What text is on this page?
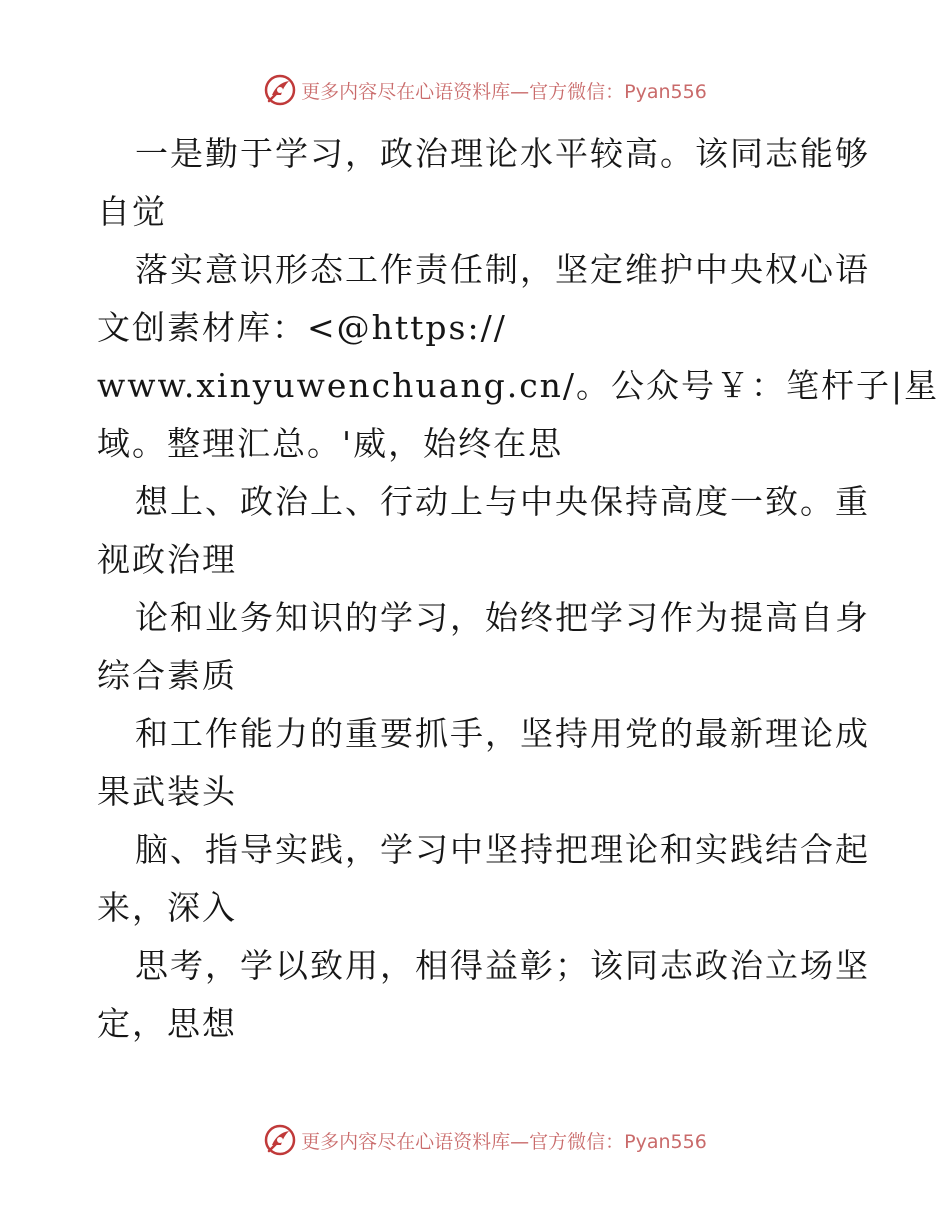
更多内容尽在心语资料库—官方微信：Pyan556
一是勤于学习，政治理论水平较高。该同志能够
自觉
落实意识形态工作责任制，坚定维护中央权心语
文创素材库：<@https://
www.xinyuwenchuang.cn/。公众号￥：笔杆子|星
域。整理汇总。'威，始终在思
想上、政治上、行动上与中央保持高度一致。重
视政治理
论和业务知识的学习，始终把学习作为提高自身
综合素质
和工作能力的重要抓手，坚持用党的最新理论成
果武装头
脑、指导实践，学习中坚持把理论和实践结合起
来，深入
思考，学以致用，相得益彰；该同志政治立场坚
定，思想
更多内容尽在心语资料库—官方微信：Pyan556
